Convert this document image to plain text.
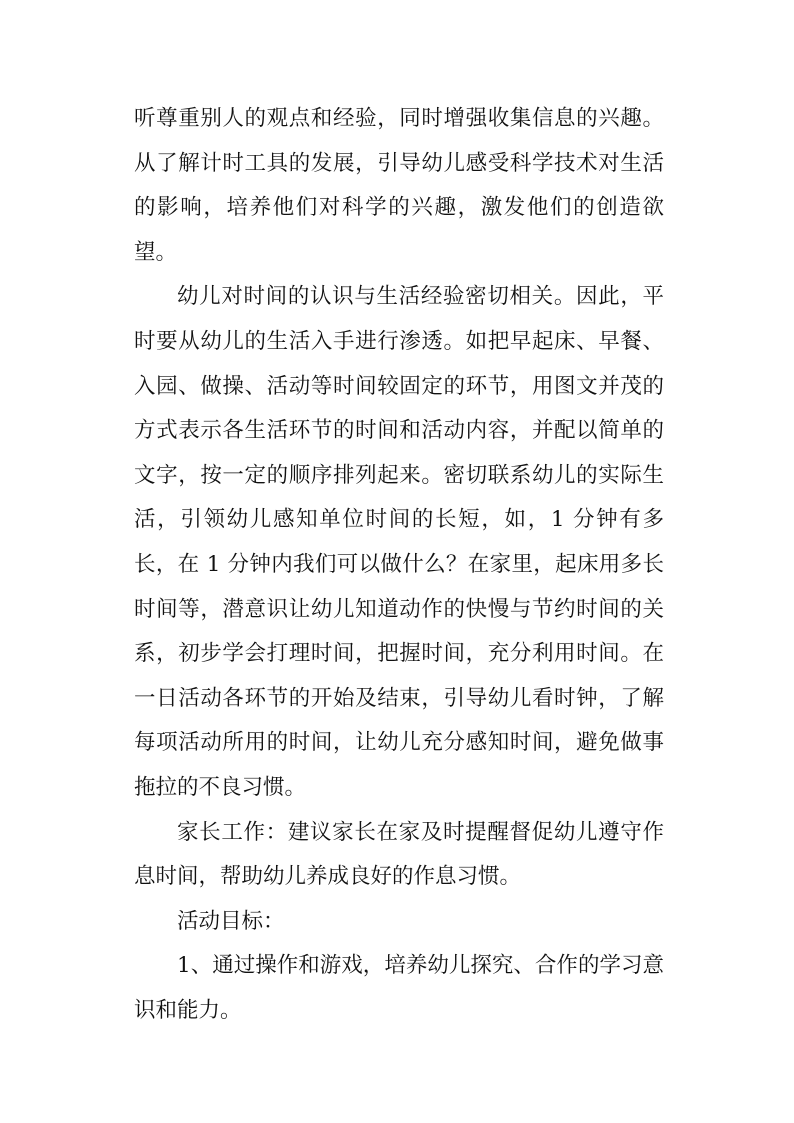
听尊重别人的观点和经验，同时增强收集信息的兴趣。从了解计时工具的发展，引导幼儿感受科学技术对生活的影响，培养他们对科学的兴趣，激发他们的创造欲望。

幼儿对时间的认识与生活经验密切相关。因此，平时要从幼儿的生活入手进行渗透。如把早起床、早餐、入园、做操、活动等时间较固定的环节，用图文并茂的方式表示各生活环节的时间和活动内容，并配以简单的文字，按一定的顺序排列起来。密切联系幼儿的实际生活，引领幼儿感知单位时间的长短，如，1 分钟有多长，在 1 分钟内我们可以做什么？在家里，起床用多长时间等，潜意识让幼儿知道动作的快慢与节约时间的关系，初步学会打理时间，把握时间，充分利用时间。在一日活动各环节的开始及结束，引导幼儿看时钟，了解每项活动所用的时间，让幼儿充分感知时间，避免做事拖拉的不良习惯。

家长工作：建议家长在家及时提醒督促幼儿遵守作息时间，帮助幼儿养成良好的作息习惯。

活动目标：

1、通过操作和游戏，培养幼儿探究、合作的学习意识和能力。
